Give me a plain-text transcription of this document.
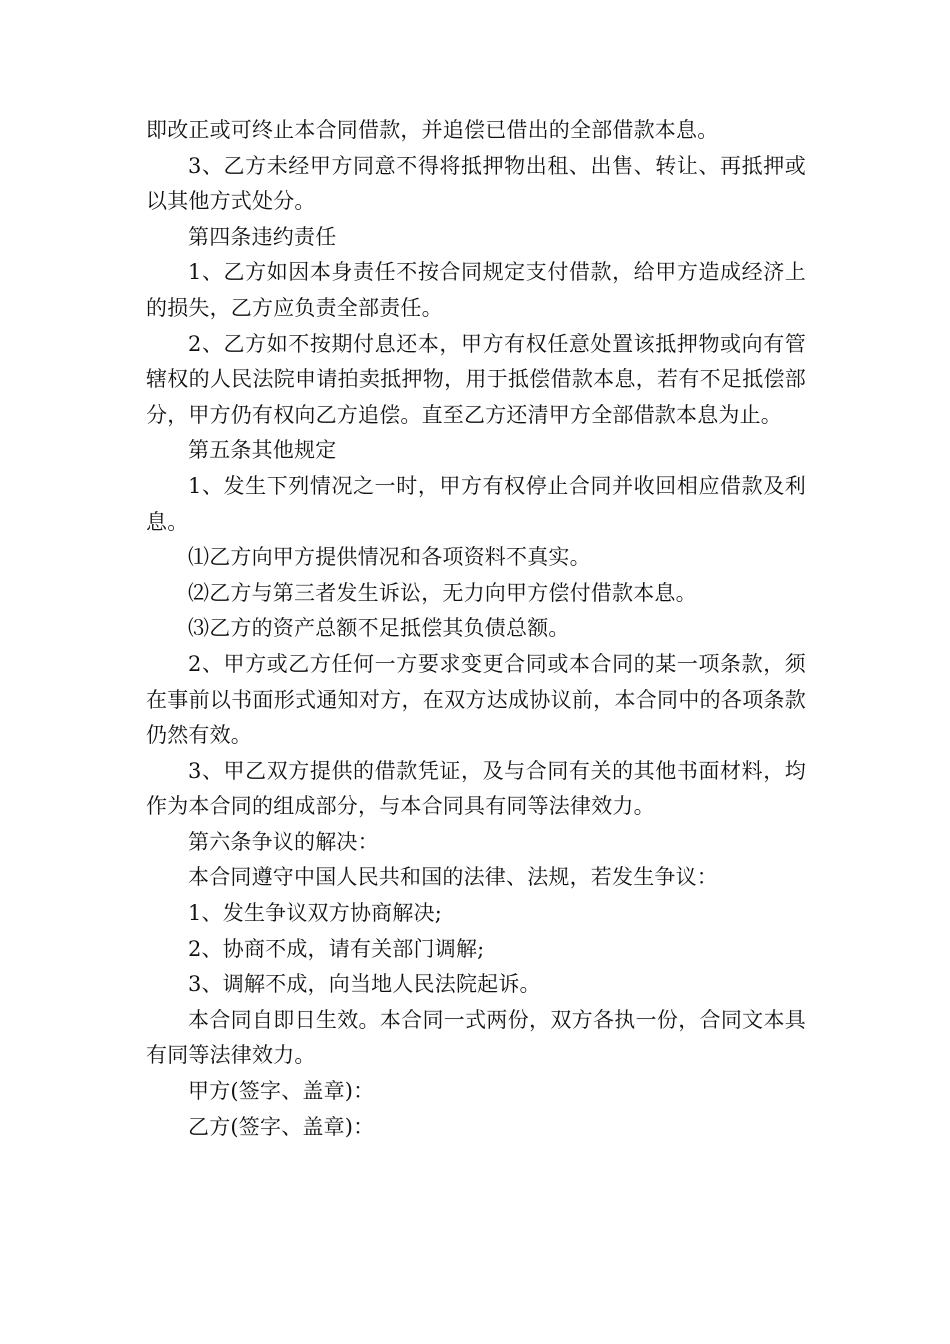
即改正或可终止本合同借款，并追偿已借出的全部借款本息。

3、乙方未经甲方同意不得将抵押物出租、出售、转让、再抵押或以其他方式处分。

第四条违约责任

1、乙方如因本身责任不按合同规定支付借款，给甲方造成经济上的损失，乙方应负责全部责任。

2、乙方如不按期付息还本，甲方有权任意处置该抵押物或向有管辖权的人民法院申请拍卖抵押物，用于抵偿借款本息，若有不足抵偿部分，甲方仍有权向乙方追偿。直至乙方还清甲方全部借款本息为止。

第五条其他规定

1、发生下列情况之一时，甲方有权停止合同并收回相应借款及利息。

⑴乙方向甲方提供情况和各项资料不真实。

⑵乙方与第三者发生诉讼，无力向甲方偿付借款本息。

⑶乙方的资产总额不足抵偿其负债总额。

2、甲方或乙方任何一方要求变更合同或本合同的某一项条款，须在事前以书面形式通知对方，在双方达成协议前，本合同中的各项条款仍然有效。

3、甲乙双方提供的借款凭证，及与合同有关的其他书面材料，均作为本合同的组成部分，与本合同具有同等法律效力。

第六条争议的解决：

本合同遵守中国人民共和国的法律、法规，若发生争议：

1、发生争议双方协商解决;

2、协商不成，请有关部门调解;

3、调解不成，向当地人民法院起诉。

本合同自即日生效。本合同一式两份，双方各执一份，合同文本具有同等法律效力。

甲方(签字、盖章)：

乙方(签字、盖章)：
